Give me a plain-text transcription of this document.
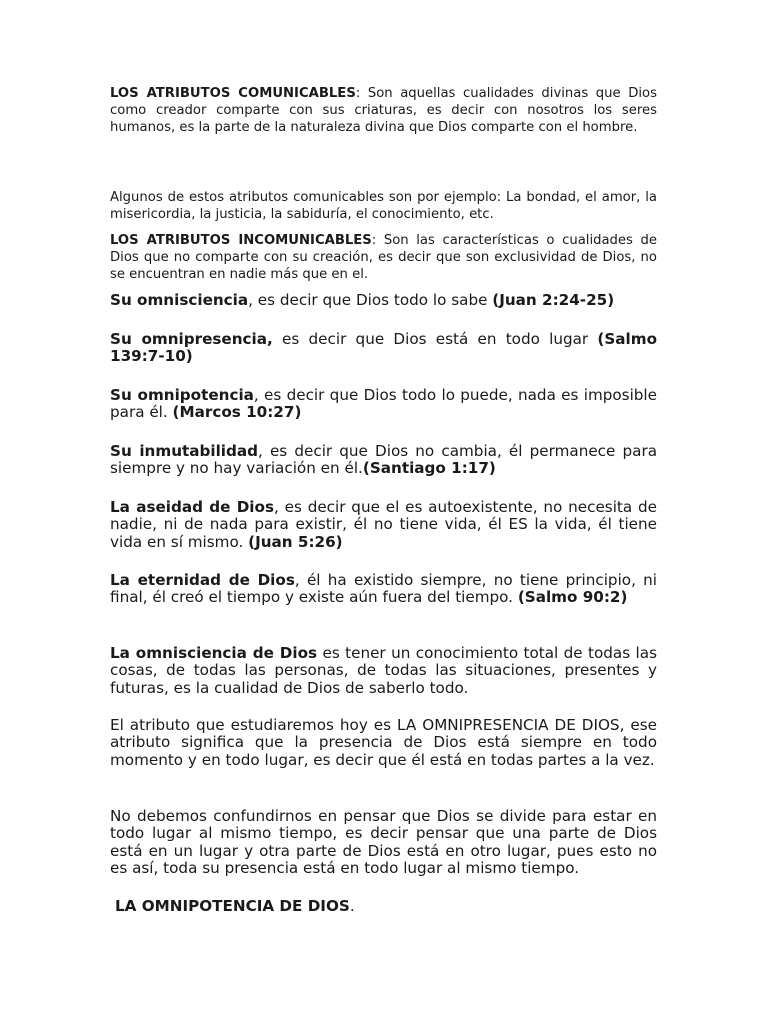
LOS ATRIBUTOS COMUNICABLES: Son aquellas cualidades divinas que Dios como creador comparte con sus criaturas, es decir con nosotros los seres humanos, es la parte de la naturaleza divina que Dios comparte con el hombre.

Algunos de estos atributos comunicables son por ejemplo: La bondad, el amor, la misericordia, la justicia, la sabiduría, el conocimiento, etc.

LOS ATRIBUTOS INCOMUNICABLES: Son las características o cualidades de Dios que no comparte con su creación, es decir que son exclusividad de Dios, no se encuentran en nadie más que en el.

Su omnisciencia, es decir que Dios todo lo sabe (Juan 2:24-25)

Su omnipresencia, es decir que Dios está en todo lugar (Salmo 139:7-10)

Su omnipotencia, es decir que Dios todo lo puede, nada es imposible para él. (Marcos 10:27)

Su inmutabilidad, es decir que Dios no cambia, él permanece para siempre y no hay variación en él.(Santiago 1:17)

La aseidad de Dios, es decir que el es autoexistente, no necesita de nadie, ni de nada para existir, él no tiene vida, él ES la vida, él tiene vida en sí mismo. (Juan 5:26)

La eternidad de Dios, él ha existido siempre, no tiene principio, ni final, él creó el tiempo y existe aún fuera del tiempo. (Salmo 90:2)

La omnisciencia de Dios es tener un conocimiento total de todas las cosas, de todas las personas, de todas las situaciones, presentes y futuras, es la cualidad de Dios de saberlo todo.

El atributo que estudiaremos hoy es LA OMNIPRESENCIA DE DIOS, ese atributo significa que la presencia de Dios está siempre en todo momento y en todo lugar, es decir que él está en todas partes a la vez.

No debemos confundirnos en pensar que Dios se divide para estar en todo lugar al mismo tiempo, es decir pensar que una parte de Dios está en un lugar y otra parte de Dios está en otro lugar, pues esto no es así, toda su presencia está en todo lugar al mismo tiempo.

LA OMNIPOTENCIA DE DIOS.
